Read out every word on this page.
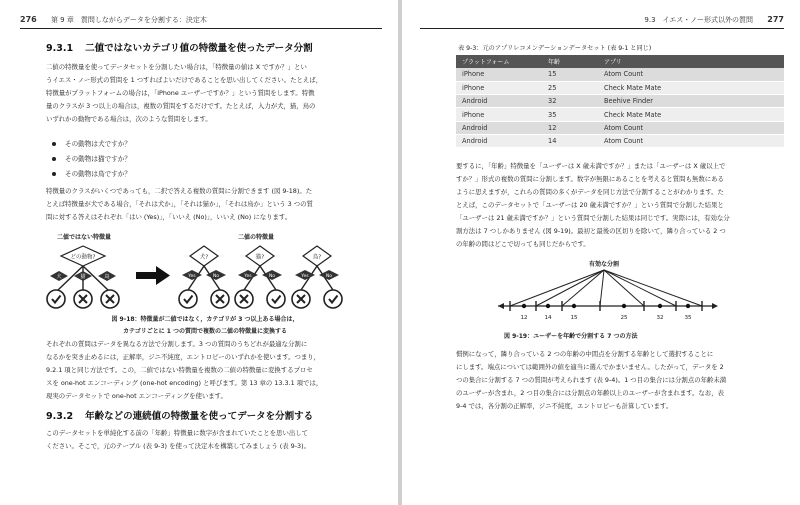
276 第 9 章　質問しながらデータを分割する：決定木
9.3.1 二値ではないカテゴリ値の特徴量を使ったデータ分割
二値の特徴量を使ってデータセットを分割したい場合は，「特徴量の値は X ですか？」とい
うイエス・ノー形式の質問を 1 つすればよいだけであることを思い出してください。たとえば，
特徴量がプラットフォームの場合は，「iPhone ユーザーですか？」という質問をします。特徴
量のクラスが 3 つ以上の場合は，複数の質問をするだけです。たとえば，入力が犬，猫，鳥の
いずれかの動物である場合は，次のような質問をします。
その動物は犬ですか？
その動物は猫ですか？
その動物は鳥ですか？
特徴量のクラスがいくつであっても，二択で答える複数の質問に分割できます (図 9-18)。た
とえば特徴量が犬である場合，「それは犬か」，「それは猫か」，「それは鳥か」という 3 つの質
問に対する答えはそれぞれ「はい (Yes)」，「いいえ (No)」，いいえ (No) になります。
二値ではない特徴量	二値の特徴量
どの動物?
犬	猫	鳥
犬?
Yes	No
猫?
Yes	No
鳥?
Yes	No
図 9-18：特徴量が二値ではなく，カテゴリが 3 つ以上ある場合は，
カテゴリごとに 1 つの質問で複数の二値の特徴量に変換する
それぞれの質問はデータを異なる方法で分割します。3 つの質問のうちどれが最適な分割に
なるかを突き止めるには，正解率，ジニ不純度，エントロピーのいずれかを使います。つまり，
9.2.1 項と同じ方法です。この，二値ではない特徴量を複数の二値の特徴量に変換するプロセ
スを one-hot エンコーディング (one-hot encoding) と呼びます。第 13 章の 13.3.1 項では，
現実のデータセットで one-hot エンコーディングを使います。
9.3.2 年齢などの連続値の特徴量を使ってデータを分割する
このデータセットを単純化する前の「年齢」特徴量に数字が含まれていたことを思い出して
ください。そこで，元のテーブル (表 9-3) を使って決定木を構築してみましょう (表 9-3)。
9.3　イエス・ノー形式以外の質問 277
表 9-3：元のアプリレコメンデーションデータセット (表 9-1 と同じ)
プラットフォーム	年齢	アプリ
iPhone	15	Atom Count
iPhone	25	Check Mate Mate
Android	32	Beehive Finder
iPhone	35	Check Mate Mate
Android	12	Atom Count
Android	14	Atom Count
要するに，「年齢」特徴量を「ユーザーは X 歳未満ですか？」または「ユーザーは X 歳以上で
すか？」形式の複数の質問に分割します。数字が無限にあることを考えると質問も無数にある
ように思えますが，これらの質問の多くがデータを同じ方法で分割することがわかります。た
とえば，このデータセットで「ユーザーは 20 歳未満ですか？」という質問で分割した結果と
「ユーザーは 21 歳未満ですか？」という質問で分割した結果は同じです。実際には，有効な分
割方法は 7 つしかありません (図 9-19)。最初と最後の区切りを除いて，隣り合っている 2 つ
の年齢の間はどこで切っても同じだからです。
有効な分割
12	14	15	25	32	35
図 9-19：ユーザーを年齢で分割する 7 つの方法
慣例になって，隣り合っている 2 つの年齢の中間点を分割する年齢として選択することに
にします。端点については範囲外の値を適当に選んでかまいません。したがって，データを 2
つの集合に分割する 7 つの質問が考えられます (表 9-4)。1 つ目の集合には分割点の年齢未満
のユーザーが含まれ，2 つ目の集合には分割点の年齢以上のユーザーが含まれます。なお，表
9-4 では，各分割の正解率，ジニ不純度，エントロピーも計算しています。
